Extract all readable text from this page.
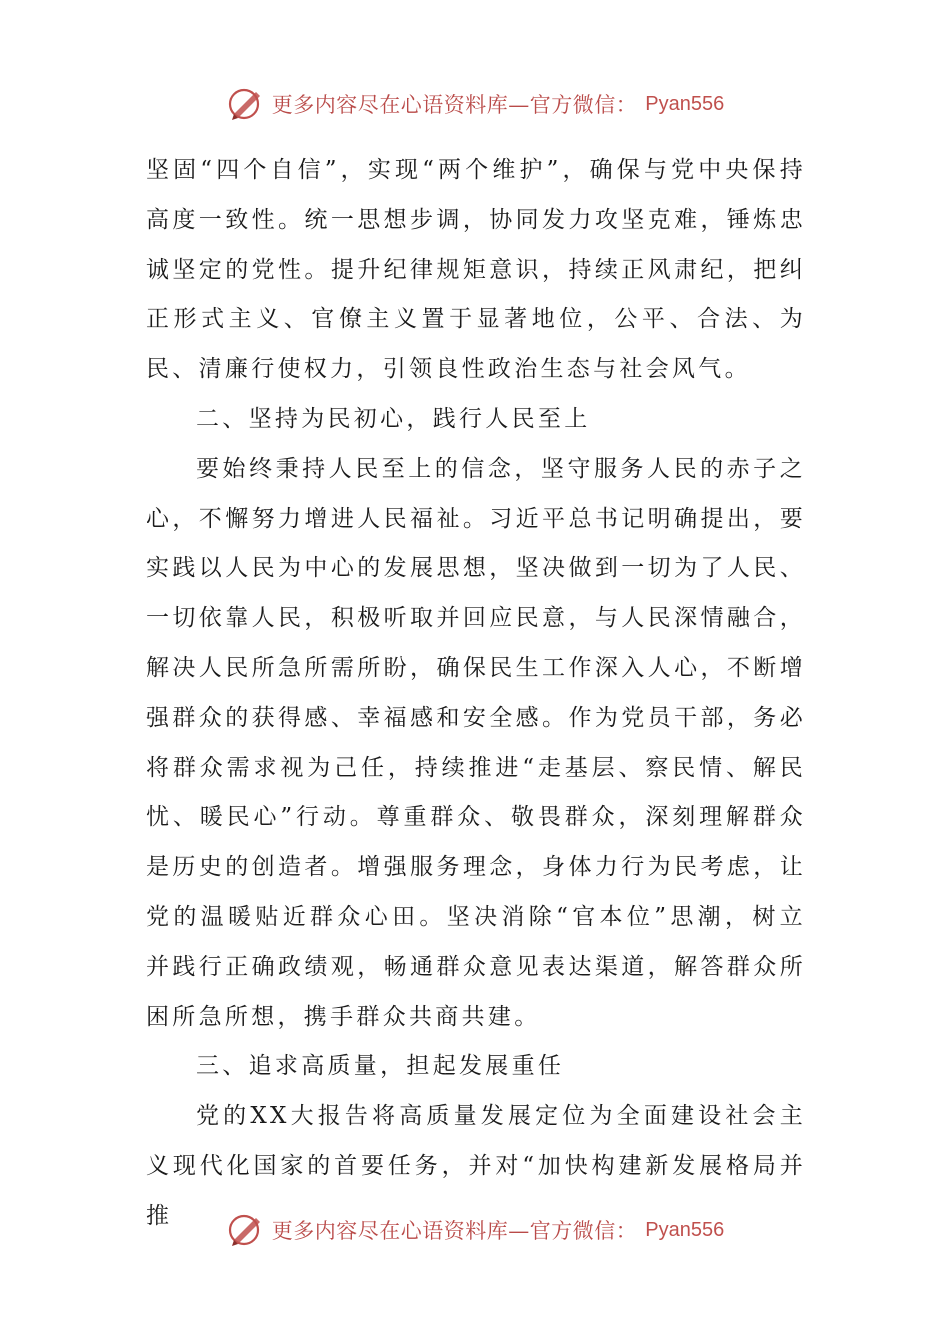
更多内容尽在心语资料库—官方微信： Pyan556

坚固“四个自信”，实现“两个维护”，确保与党中央保持高度一致性。统一思想步调，协同发力攻坚克难，锤炼忠诚坚定的党性。提升纪律规矩意识，持续正风肃纪，把纠正形式主义、官僚主义置于显著地位，公平、合法、为民、清廉行使权力，引领良性政治生态与社会风气。

二、坚持为民初心，践行人民至上

要始终秉持人民至上的信念，坚守服务人民的赤子之心，不懈努力增进人民福祉。习近平总书记明确提出，要实践以人民为中心的发展思想，坚决做到一切为了人民、一切依靠人民，积极听取并回应民意，与人民深情融合，解决人民所急所需所盼，确保民生工作深入人心，不断增强群众的获得感、幸福感和安全感。作为党员干部，务必将群众需求视为己任，持续推进“走基层、察民情、解民忧、暖民心”行动。尊重群众、敬畏群众，深刻理解群众是历史的创造者。增强服务理念，身体力行为民考虑，让党的温暖贴近群众心田。坚决消除“官本位”思潮，树立并践行正确政绩观，畅通群众意见表达渠道，解答群众所困所急所想，携手群众共商共建。

三、追求高质量，担起发展重任

党的XX大报告将高质量发展定位为全面建设社会主义现代化国家的首要任务，并对“加快构建新发展格局并推

更多内容尽在心语资料库—官方微信： Pyan556
